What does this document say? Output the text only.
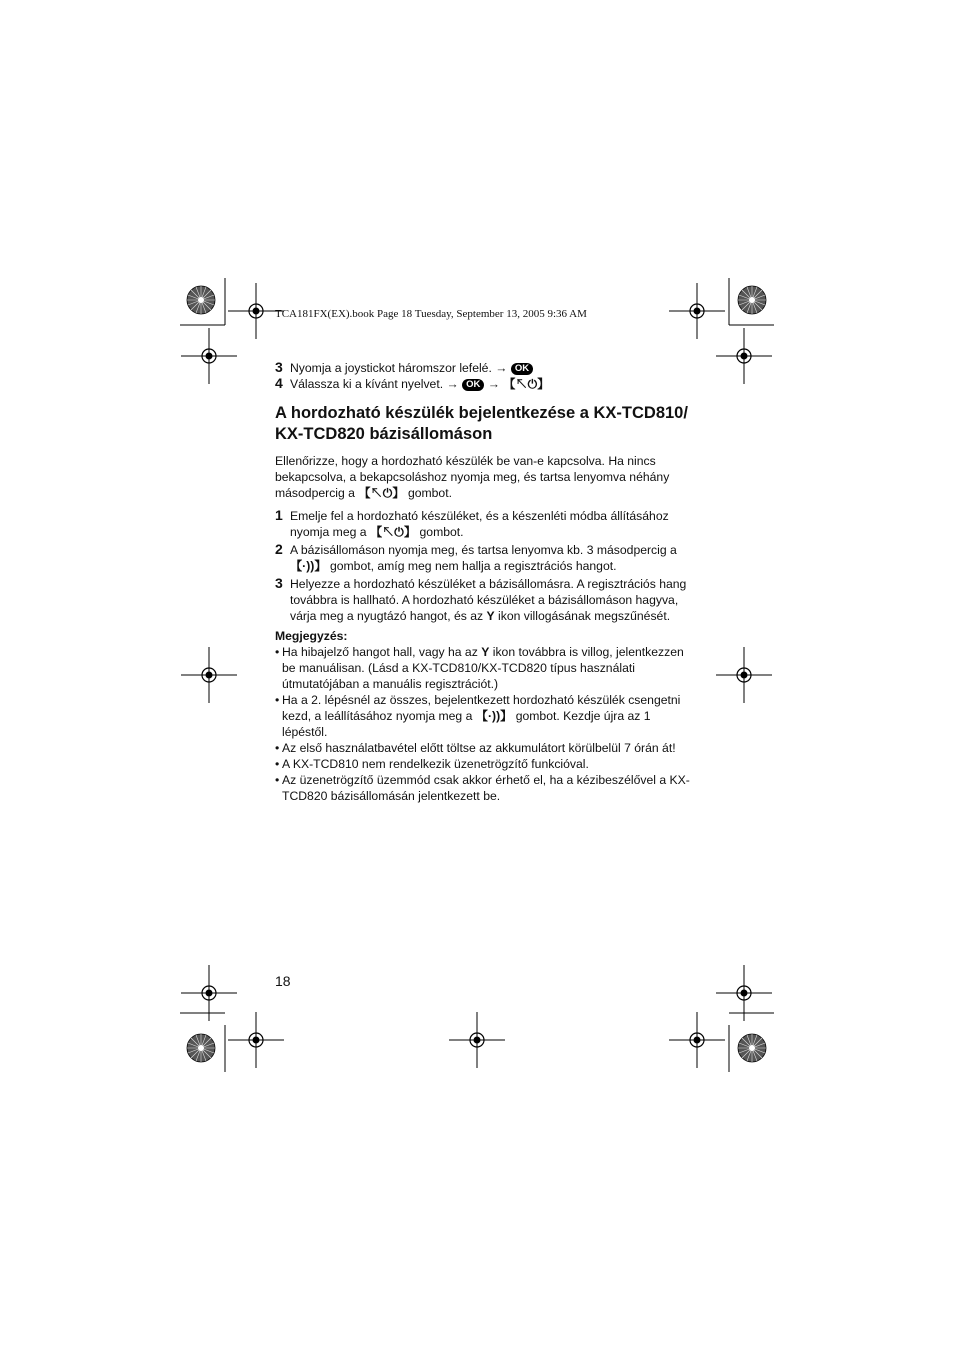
TCA181FX(EX).book Page 18 Tuesday, September 13, 2005 9:36 AM

3 Nyomja a joystickot háromszor lefelé. → OK

4 Válassza ki a kívánt nyelvet. → OK → 【↖⏻】

A hordozható készülék bejelentkezése a KX-TCD810/
KX-TCD820 bázisállomáson

Ellenőrizze, hogy a hordozható készülék be van-e kapcsolva. Ha nincs bekapcsolva, a bekapcsoláshoz nyomja meg, és tartsa lenyomva néhány másodpercig a 【↖⏻】 gombot.

1 Emelje fel a hordozható készüléket, és a készenléti módba állításához nyomja meg a 【↖⏻】 gombot.

2 A bázisállomáson nyomja meg, és tartsa lenyomva kb. 3 másodpercig a 【·))】 gombot, amíg meg nem hallja a regisztrációs hangot.

3 Helyezze a hordozható készüléket a bázisállomásra. A regisztrációs hang továbbra is hallható. A hordozható készüléket a bázisállomáson hagyva, várja meg a nyugtázó hangot, és az Y ikon villogásának megszűnését.

Megjegyzés:
• Ha hibajelző hangot hall, vagy ha az Y ikon továbbra is villog, jelentkezzen be manuálisan. (Lásd a KX-TCD810/KX-TCD820 típus használati útmutatójában a manuális regisztrációt.)
• Ha a 2. lépésnél az összes, bejelentkezett hordozható készülék csengetni kezd, a leállításához nyomja meg a 【·))】 gombot. Kezdje újra az 1 lépéstől.
• Az első használatbavétel előtt töltse az akkumulátort körülbelül 7 órán át!
• A KX-TCD810 nem rendelkezik üzenetrögzítő funkcióval.
• Az üzenetrögzítő üzemmód csak akkor érhető el, ha a kézibeszélővel a KX-TCD820 bázisállomásán jelentkezett be.
18
